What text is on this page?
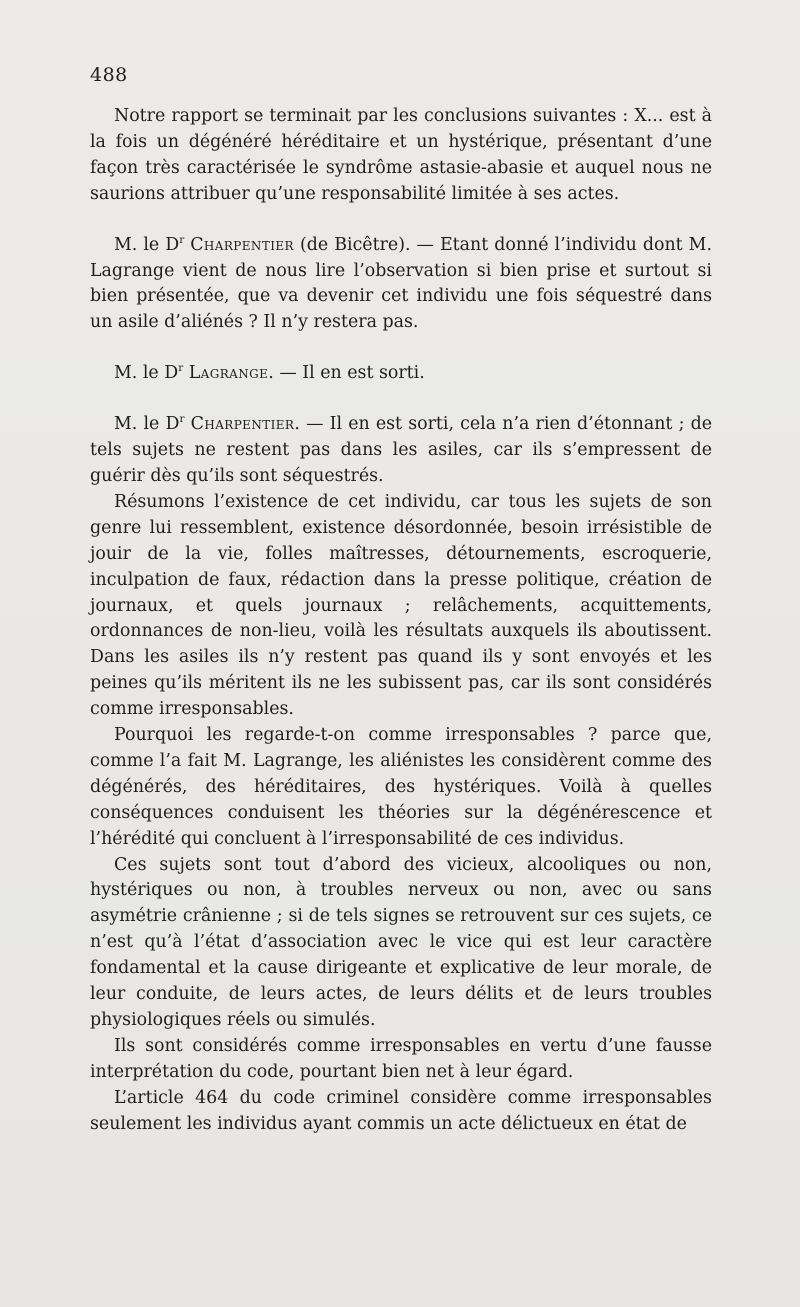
488

Notre rapport se terminait par les conclusions suivantes : X... est à la fois un dégénéré héréditaire et un hystérique, présentant d’une façon très caractérisée le syndrôme astasie-abasie et auquel nous ne saurions attribuer qu’une responsabilité limitée à ses actes.

M. le $D^r$ Charpentier (de Bicêtre). — Etant donné l’individu dont M. Lagrange vient de nous lire l’observation si bien prise et surtout si bien présentée, que va devenir cet individu une fois séquestré dans un asile d’aliénés ? Il n’y restera pas.

M. le $D^r$ Lagrange. — Il en est sorti.

M. le $D^r$ Charpentier. — Il en est sorti, cela n’a rien d’étonnant ; de tels sujets ne restent pas dans les asiles, car ils s’empressent de guérir dès qu’ils sont séquestrés.

Résumons l’existence de cet individu, car tous les sujets de son genre lui ressemblent, existence désordonnée, besoin irrésistible de jouir de la vie, folles maîtresses, détournements, escroquerie, inculpation de faux, rédaction dans la presse politique, création de journaux, et quels journaux ; relâchements, acquittements, ordonnances de non-lieu, voilà les résultats auxquels ils aboutissent. Dans les asiles ils n’y restent pas quand ils y sont envoyés et les peines qu’ils méritent ils ne les subissent pas, car ils sont considérés comme irresponsables.

Pourquoi les regarde-t-on comme irresponsables ? parce que, comme l’a fait M. Lagrange, les aliénistes les considèrent comme des dégénérés, des héréditaires, des hystériques. Voilà à quelles conséquences conduisent les théories sur la dégénérescence et l’hérédité qui concluent à l’irresponsabilité de ces individus.

Ces sujets sont tout d’abord des vicieux, alcooliques ou non, hystériques ou non, à troubles nerveux ou non, avec ou sans asymétrie crânienne ; si de tels signes se retrouvent sur ces sujets, ce n’est qu’à l’état d’association avec le vice qui est leur caractère fondamental et la cause dirigeante et explicative de leur morale, de leur conduite, de leurs actes, de leurs délits et de leurs troubles physiologiques réels ou simulés.

Ils sont considérés comme irresponsables en vertu d’une fausse interprétation du code, pourtant bien net à leur égard.

L’article 464 du code criminel considère comme irresponsables seulement les individus ayant commis un acte délictueux en état de
